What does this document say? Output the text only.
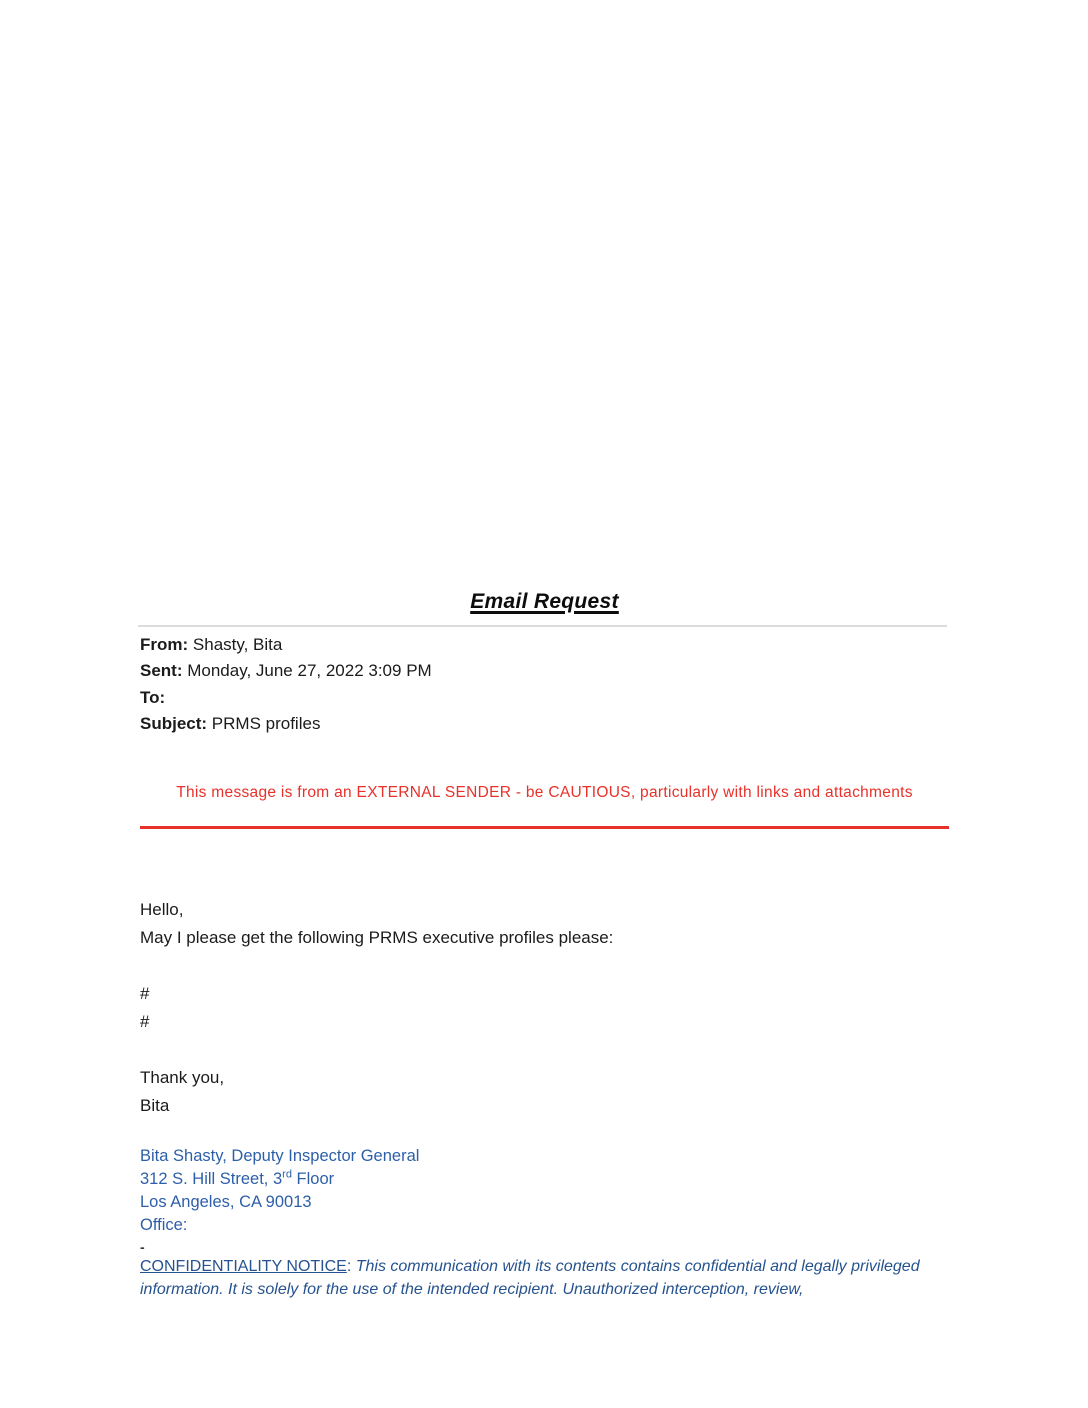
Email Request

From: Shasty, Bita

Sent: Monday, June 27, 2022 3:09 PM

To:

Subject: PRMS profiles

This message is from an EXTERNAL SENDER - be CAUTIOUS, particularly with links and attachments

Hello,

May I please get the following PRMS executive profiles please:

#

#

Thank you,

Bita

Bita Shasty, Deputy Inspector General

312 S. Hill Street, 3rd Floor

Los Angeles, CA 90013

Office:

-

CONFIDENTIALITY NOTICE: This communication with its contents contains confidential and legally privileged information. It is solely for the use of the intended recipient. Unauthorized interception, review,
